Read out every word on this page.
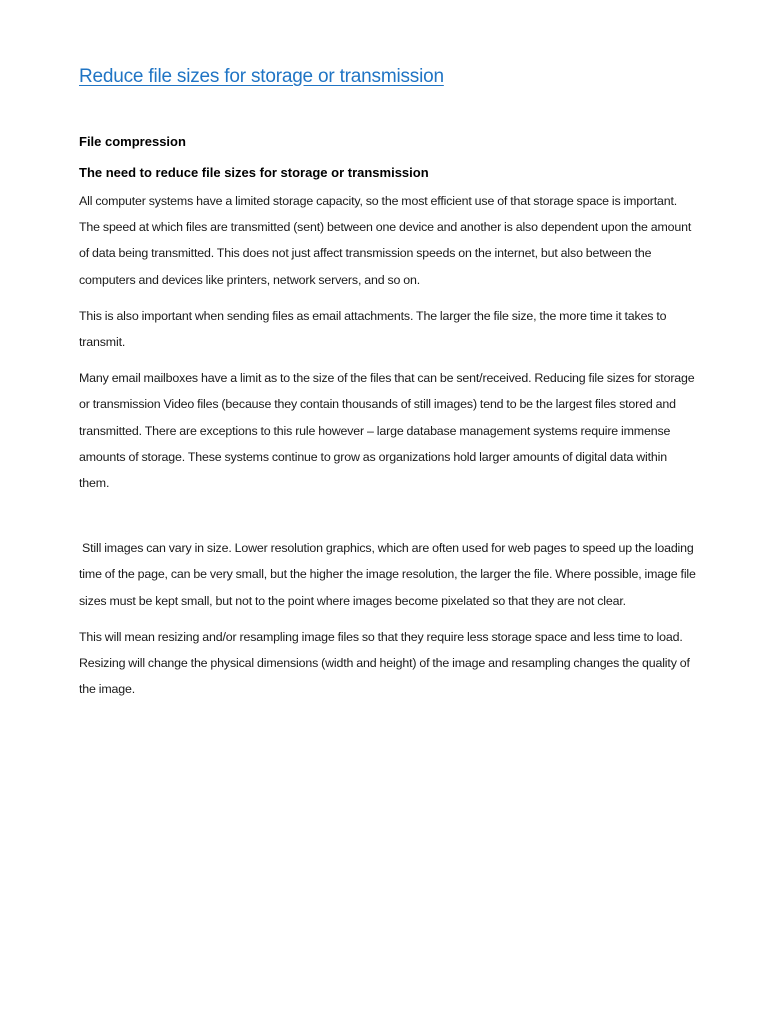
Reduce file sizes for storage or transmission
File compression
The need to reduce file sizes for storage or transmission

All computer systems have a limited storage capacity, so the most efficient use of that storage space is important. The speed at which files are transmitted (sent) between one device and another is also dependent upon the amount of data being transmitted. This does not just affect transmission speeds on the internet, but also between the computers and devices like printers, network servers, and so on.

This is also important when sending files as email attachments. The larger the file size, the more time it takes to transmit.

Many email mailboxes have a limit as to the size of the files that can be sent/received. Reducing file sizes for storage or transmission Video files (because they contain thousands of still images) tend to be the largest files stored and transmitted. There are exceptions to this rule however – large database management systems require immense amounts of storage. These systems continue to grow as organizations hold larger amounts of digital data within them.

Still images can vary in size. Lower resolution graphics, which are often used for web pages to speed up the loading time of the page, can be very small, but the higher the image resolution, the larger the file. Where possible, image file sizes must be kept small, but not to the point where images become pixelated so that they are not clear.

This will mean resizing and/or resampling image files so that they require less storage space and less time to load. Resizing will change the physical dimensions (width and height) of the image and resampling changes the quality of the image.
